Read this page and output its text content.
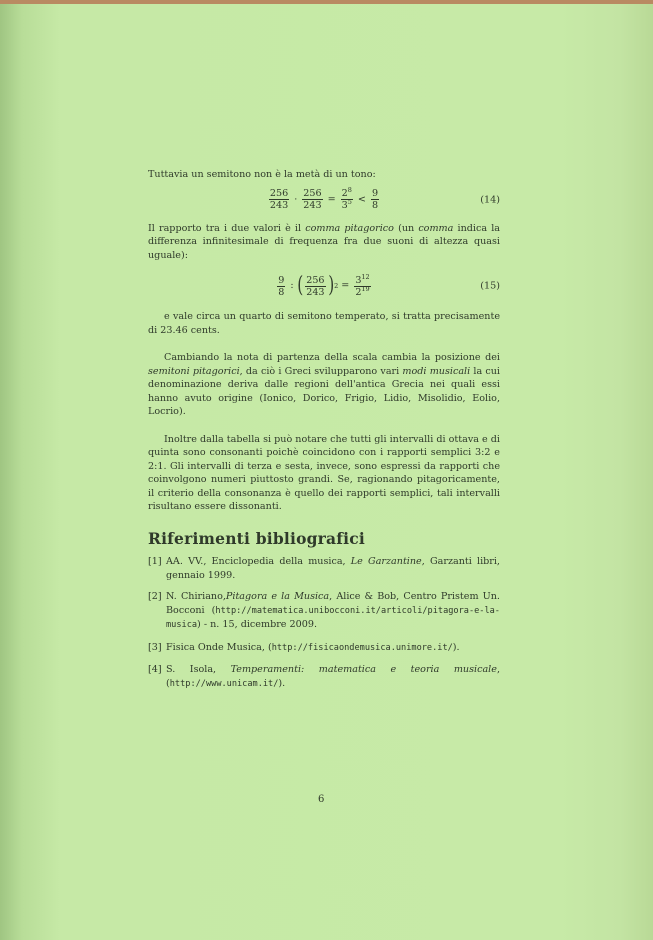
Tuttavia un semitono non è la metà di un tono:

$\frac{256}{243} \cdot \frac{256}{243} = \frac{2^8}{3^5} < \frac{9}{8}$	(14)

Il rapporto tra i due valori è il comma pitagorico (un comma indica la differenza infinitesimale di frequenza fra due suoni di altezza quasi uguale):

$\frac{9}{8}$ : ( $\frac{256}{243}$ ) $2 = \frac{3^{12}}{2^{19}}$	(15)

e vale circa un quarto di semitono temperato, si tratta precisamente di 23.46 cents.

Cambiando la nota di partenza della scala cambia la posizione dei semitoni pitagorici, da ciò i Greci svilupparono vari modi musicali la cui denominazione deriva dalle regioni dell'antica Grecia nei quali essi hanno avuto origine (Ionico, Dorico, Frigio, Lidio, Misolidio, Eolio, Locrio).

Inoltre dalla tabella si può notare che tutti gli intervalli di ottava e di quinta sono consonanti poichè coincidono con i rapporti semplici 3:2 e 2:1. Gli intervalli di terza e sesta, invece, sono espressi da rapporti che coinvolgono numeri piuttosto grandi. Se, ragionando pitagoricamente, il criterio della consonanza è quello dei rapporti semplici, tali intervalli risultano essere dissonanti.

Riferimenti bibliografici
[1] AA. VV., Enciclopedia della musica, Le Garzantine, Garzanti libri, gennaio 1999.
[2] N. Chiriano,Pitagora e la Musica, Alice & Bob, Centro Pristem Un. Bocconi (http://matematica.unibocconi.it/articoli/pitagora-e-la-musica) - n. 15, dicembre 2009.
[3] Fisica Onde Musica, (http://fisicaondemusica.unimore.it/).
[4] S. Isola, Temperamenti: matematica e teoria musicale, (http://www.unicam.it/).
6
